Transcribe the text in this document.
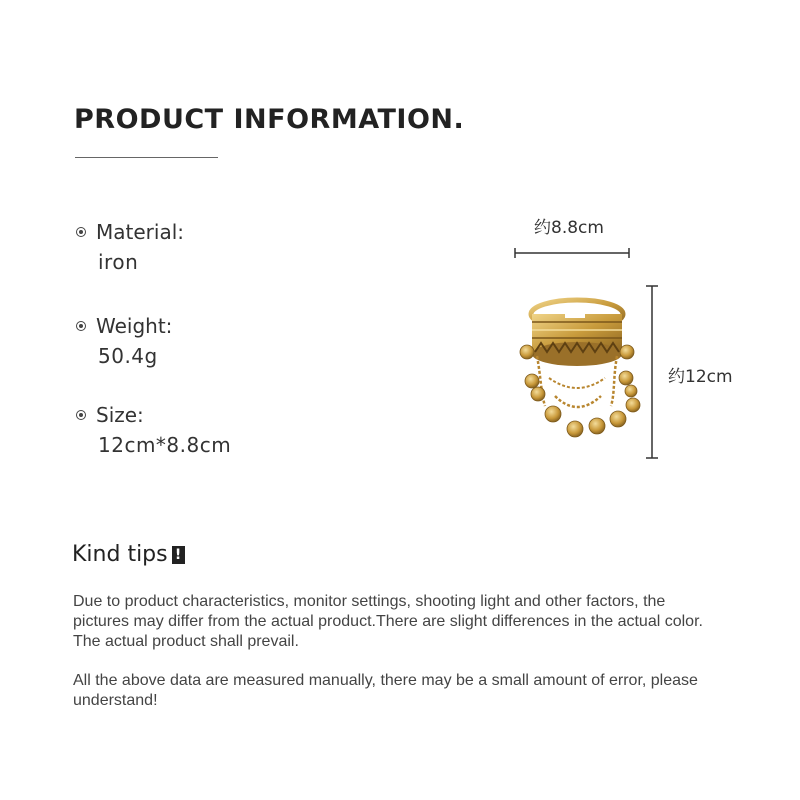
PRODUCT INFORMATION.
Material:
iron
Weight:
50.4g
Size:
12cm*8.8cm
约8.8cm
约12cm
Kind tips !
Due to product characteristics, monitor settings, shooting light and other factors, the pictures may differ from the actual product.There are slight differences in the actual color. The actual product shall prevail.
All the above data are measured manually, there may be a small amount of error, please understand!
